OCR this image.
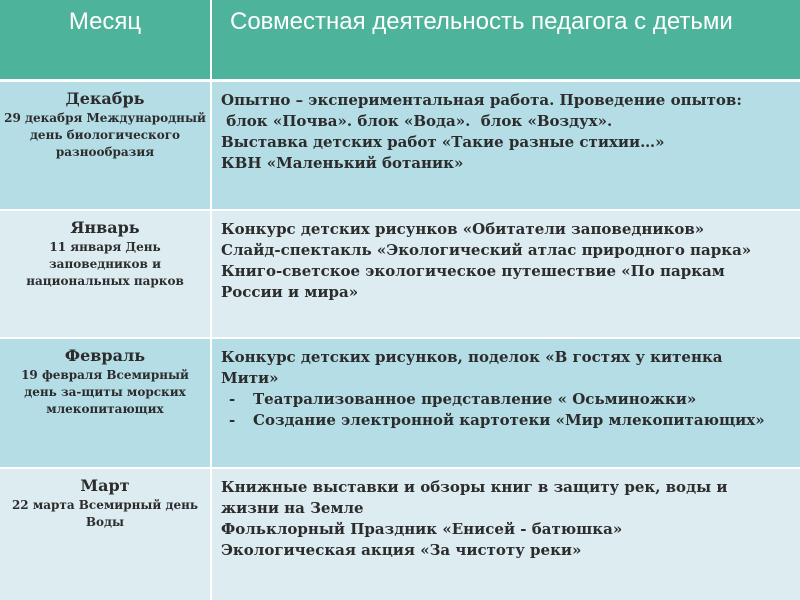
Месяц	Совместная деятельность педагога с детьми
Декабрь
29 декабря Международный день биологического разнообразия

Опытно – экспериментальная работа. Проведение опытов:

блок «Почва». блок «Вода».  блок «Воздух».

Выставка детских работ «Такие разные стихии…»

КВН «Маленький ботаник»

Январь
11 января День заповедников и национальных парков

Конкурс детских рисунков «Обитатели заповедников»

Слайд-спектакль «Экологический атлас природного парка»

Книго-светское экологическое путешествие «По паркам России и мира»

Февраль
19 февраля Всемирный день за-щиты морских млекопитающих

Конкурс детских рисунков, поделок «В гостях у китенка Мити»

- Театрализованное представление « Осьминожки»

- Создание электронной картотеки «Мир млекопитающих»

Март
22 марта Всемирный день Воды

Книжные выставки и обзоры книг в защиту рек, воды и жизни на Земле

Фольклорный Праздник «Енисей - батюшка»

Экологическая акция «За чистоту реки»
